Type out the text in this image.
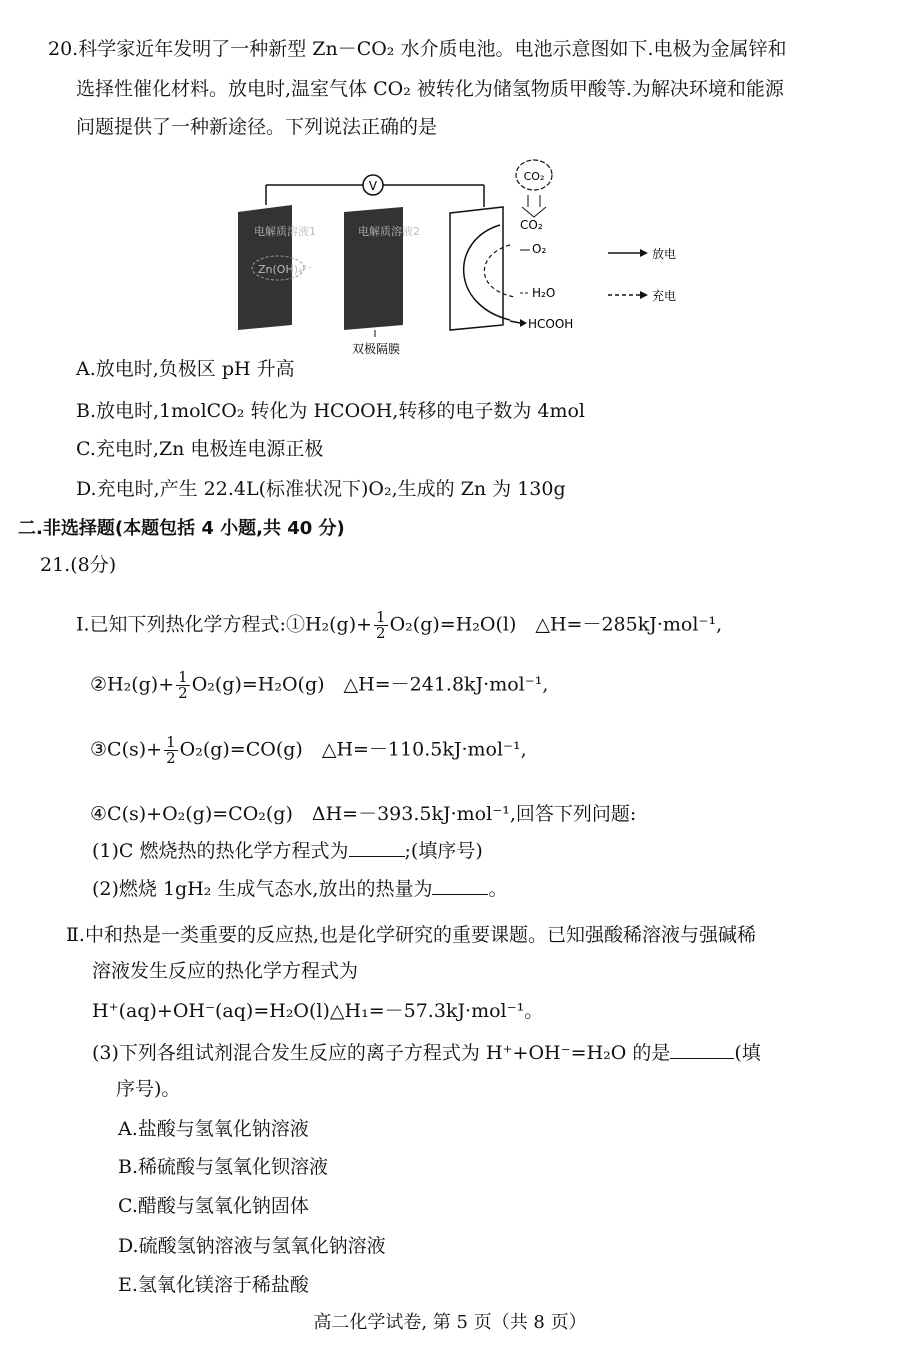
20.科学家近年发明了一种新型 Zn－CO₂ 水介质电池。电池示意图如下.电极为金属锌和
选择性催化材料。放电时,温室气体 CO₂ 被转化为储氢物质甲酸等.为解决环境和能源
问题提供了一种新途径。下列说法正确的是
V
电解质溶液1
Zn(OH)₄²⁻
电解质溶液2
双极隔膜
CO₂
CO₂
O₂
H₂O
HCOOH
放电
充电
A.放电时,负极区 pH 升高
B.放电时,1molCO₂ 转化为 HCOOH,转移的电子数为 4mol
C.充电时,Zn 电极连电源正极
D.充电时,产生 22.4L(标准状况下)O₂,生成的 Zn 为 130g
二.非选择题(本题包括 4 小题,共 40 分)
21.(8分)
Ⅰ.已知下列热化学方程式:①H₂(g)+ $\frac{1}{2} O_2(g)=H_2O(l)$　△H=－285kJ·mol⁻¹,
②H₂(g)+ $\frac{1}{2} O_2(g)=H_2O(g)$　△H=－241.8kJ·mol⁻¹,
③C(s)+ $\frac{1}{2} O_2(g)=CO(g)$　△H=－110.5kJ·mol⁻¹,
④C(s)+O₂(g)=CO₂(g)　ΔH=－393.5kJ·mol⁻¹,回答下列问题:
(1)C 燃烧热的热化学方程式为	;(填序号)
(2)燃烧 1gH₂ 生成气态水,放出的热量为	。
Ⅱ.中和热是一类重要的反应热,也是化学研究的重要课题。已知强酸稀溶液与强碱稀
溶液发生反应的热化学方程式为
H⁺(aq)+OH⁻(aq)=H₂O(l)△H₁=－57.3kJ·mol⁻¹。
(3)下列各组试剂混合发生反应的离子方程式为 H⁺+OH⁻=H₂O 的是	(填
序号)。
A.盐酸与氢氧化钠溶液
B.稀硫酸与氢氧化钡溶液
C.醋酸与氢氧化钠固体
D.硫酸氢钠溶液与氢氧化钠溶液
E.氢氧化镁溶于稀盐酸
高二化学试卷, 第 5 页（共 8 页）
